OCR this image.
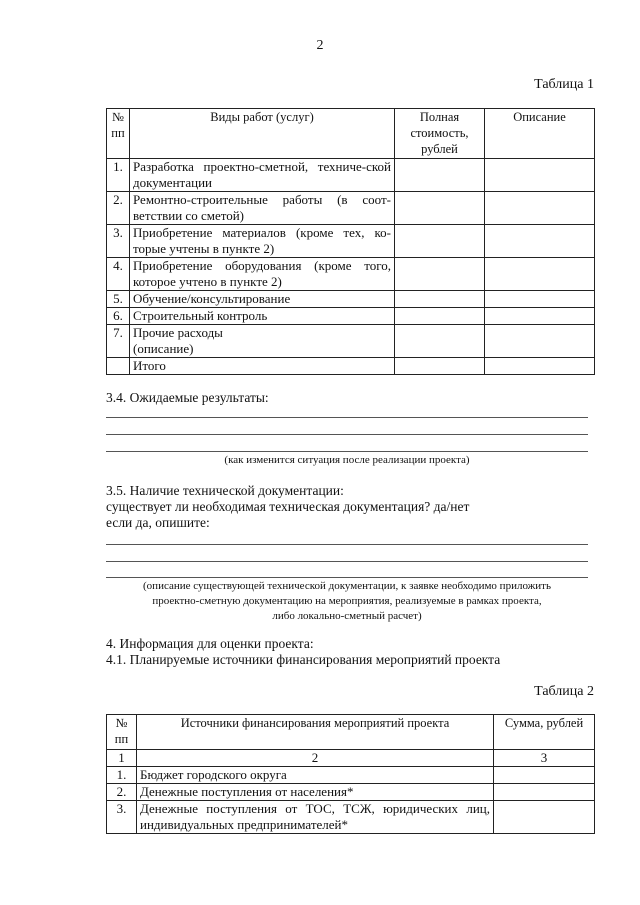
2
Таблица 1
№ пп	Виды работ (услуг)	Полная стоимость, рублей	Описание
1.	Разработка проектно-сметной, техниче-ской документации		
2.	Ремонтно-строительные работы (в соот-ветствии со сметой)		
3.	Приобретение материалов (кроме тех, ко-торые учтены в пункте 2)		
4.	Приобретение оборудования (кроме того, которое учтено в пункте 2)		
5.	Обучение/консультирование		
6.	Строительный контроль		
7.	Прочие расходы (описание)		
	Итого		
3.4. Ожидаемые результаты:
(как изменится ситуация после реализации проекта)
3.5. Наличие технической документации:
существует ли необходимая техническая документация? да/нет
если да, опишите:
(описание существующей технической документации, к заявке необходимо приложить
проектно-сметную документацию на мероприятия, реализуемые в рамках проекта,
либо локально-сметный расчет)
4. Информация для оценки проекта:
4.1. Планируемые источники финансирования мероприятий проекта
Таблица 2
№ пп	Источники финансирования мероприятий проекта	Сумма, рублей
1	2	3
1.	Бюджет городского округа	
2.	Денежные поступления от населения*	
3.	Денежные поступления от ТОС, ТСЖ, юридических лиц, индивидуальных предпринимателей*	
